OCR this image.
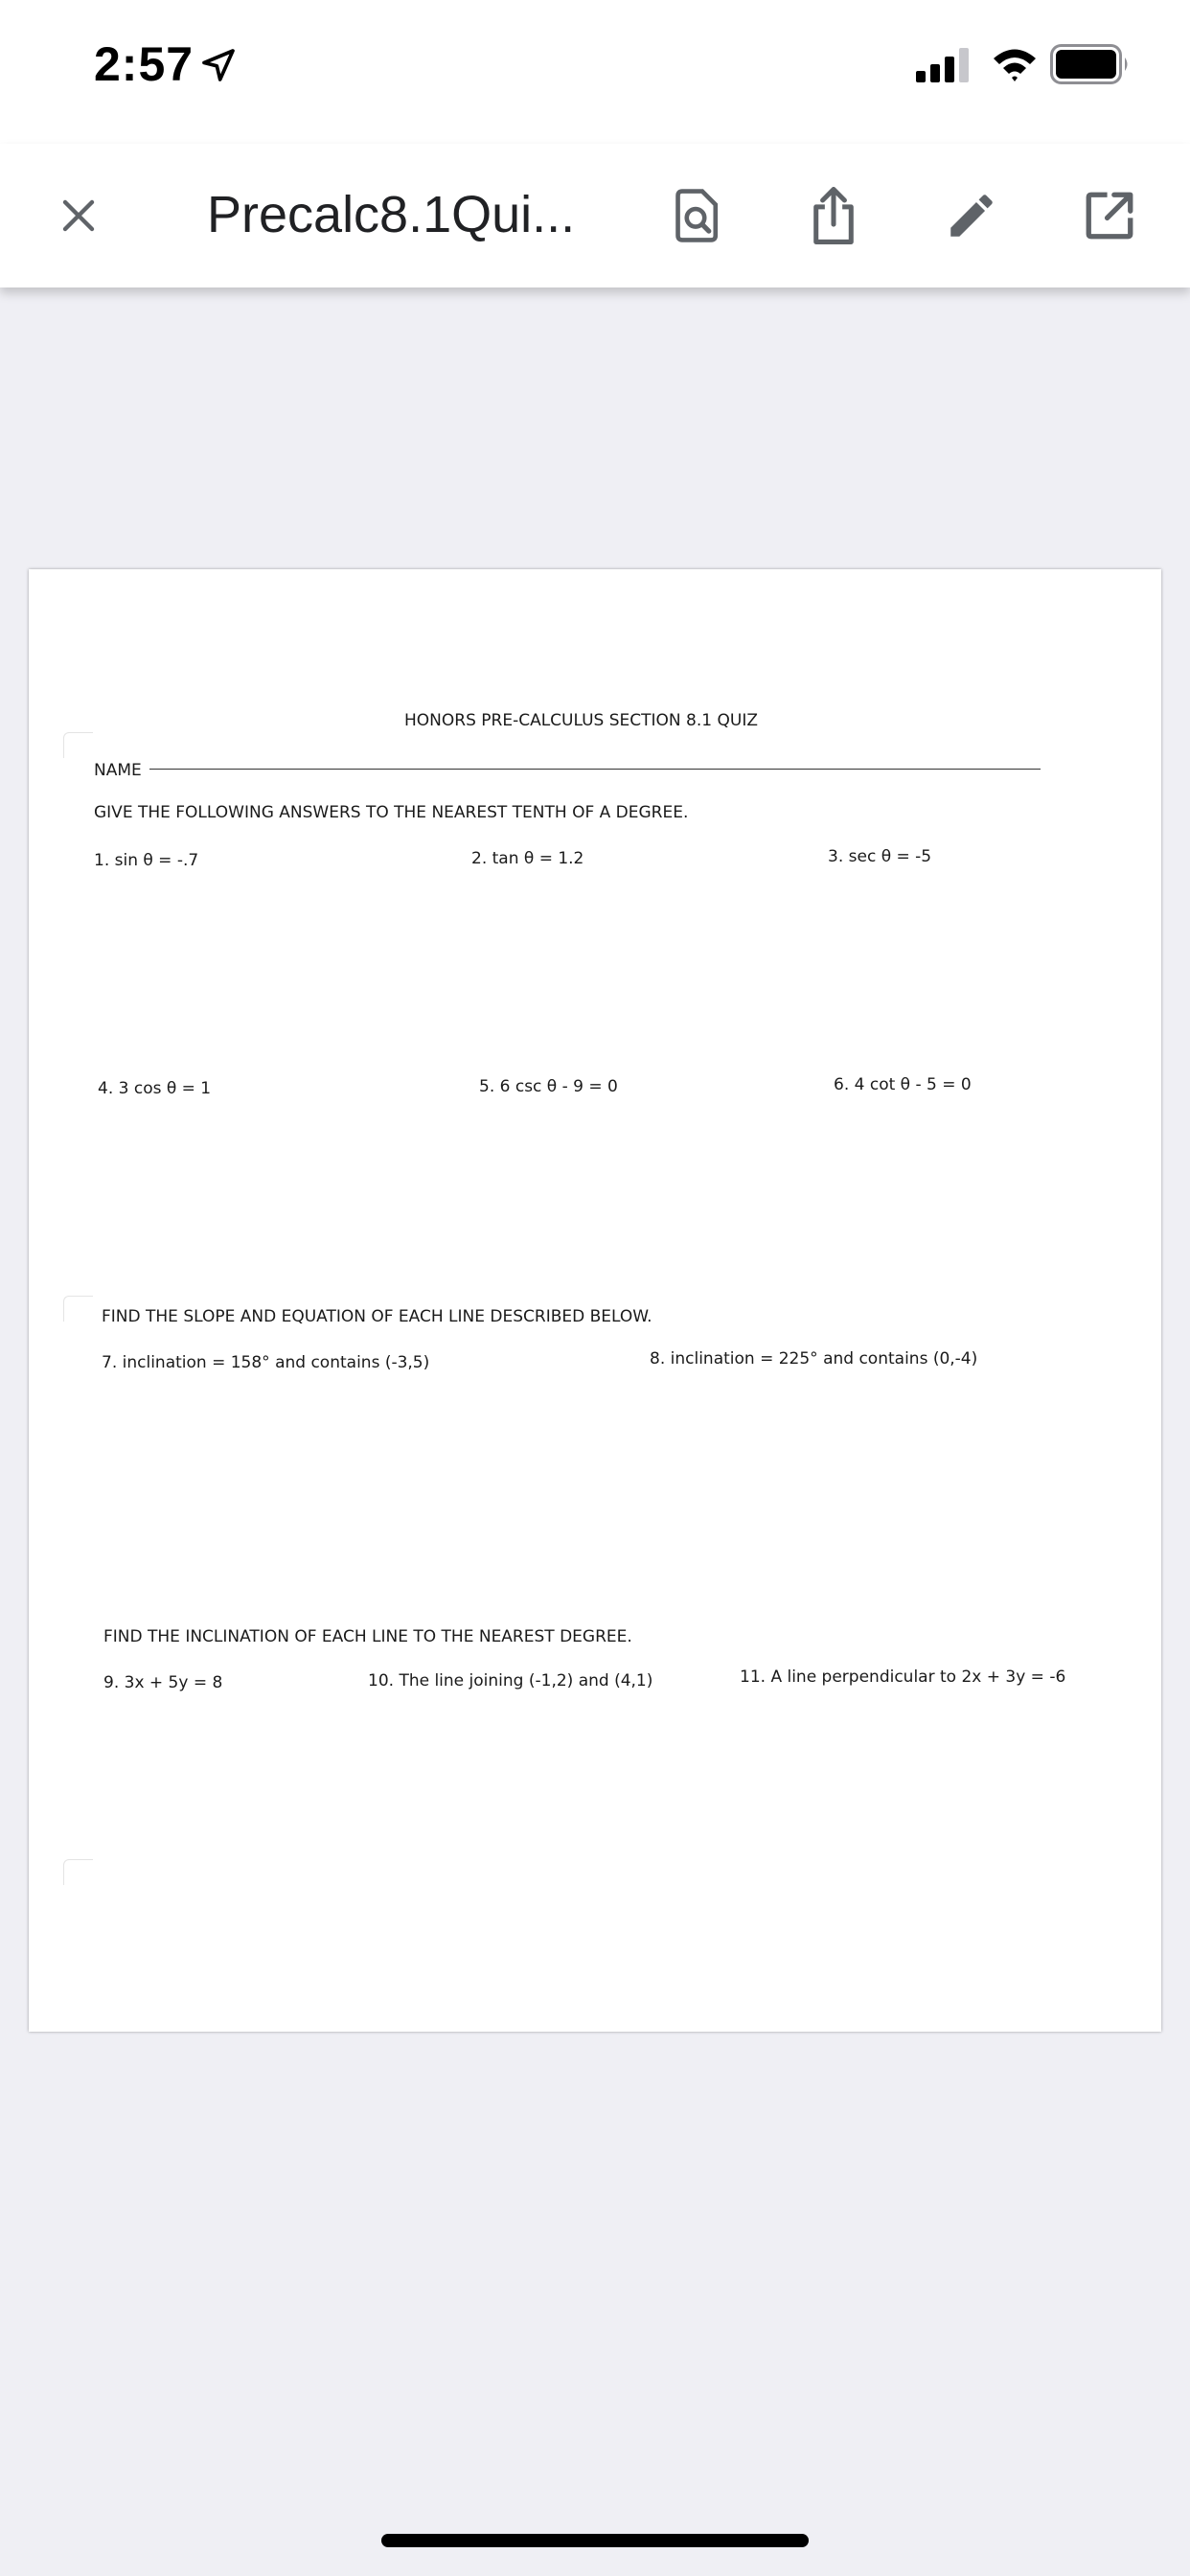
2:57
Precalc8.1Qui...
HONORS PRE-CALCULUS SECTION 8.1 QUIZ
NAME
GIVE THE FOLLOWING ANSWERS TO THE NEAREST TENTH OF A DEGREE.
1. sin θ = -.7	2. tan θ = 1.2	3. sec θ = -5
4. 3 cos θ = 1	5. 6 csc θ - 9 = 0	6. 4 cot θ - 5 = 0
FIND THE SLOPE AND EQUATION OF EACH LINE DESCRIBED BELOW.
7. inclination = 158° and contains (-3,5)	8. inclination = 225° and contains (0,-4)
FIND THE INCLINATION OF EACH LINE TO THE NEAREST DEGREE.
9. 3x + 5y = 8	10. The line joining (-1,2) and (4,1)	11. A line perpendicular to 2x + 3y = -6
